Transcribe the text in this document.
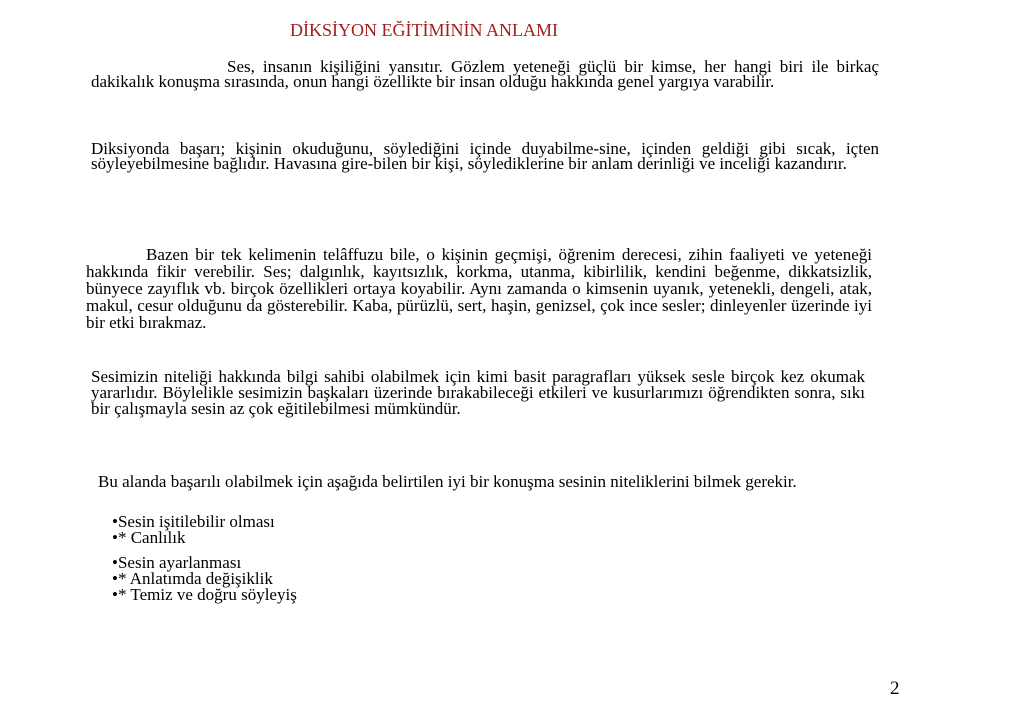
DİKSİYON EĞİTİMİNİN ANLAMI

Ses, insanın kişiliğini yansıtır. Gözlem yeteneği güçlü bir kimse, her hangi biri ile birkaç dakikalık konuşma sırasında, onun hangi özellikte bir insan olduğu hakkında genel yargıya varabilir.

Diksiyonda başarı; kişinin okuduğunu, söylediğini içinde duyabilme-sine, içinden geldiği gibi sıcak, içten söyleyebilmesine bağlıdır. Havasına gire-bilen bir kişi, söylediklerine bir anlam derinliği ve inceliği kazandırır.

Bazen bir tek kelimenin telâffuzu bile, o kişinin geçmişi, öğrenim derecesi, zihin faaliyeti ve yeteneği hakkında fikir verebilir. Ses; dalgınlık, kayıtsızlık, korkma, utanma, kibirlilik, kendini beğenme, dikkatsizlik, bünyece zayıflık vb. birçok özellikleri ortaya koyabilir. Aynı zamanda o kimsenin uyanık, yetenekli, dengeli, atak, makul, cesur olduğunu da gösterebilir. Kaba, pürüzlü, sert, haşin, genizsel, çok ince sesler; dinleyenler üzerinde iyi bir etki bırakmaz.

Sesimizin niteliği hakkında bilgi sahibi olabilmek için kimi basit paragrafları yüksek sesle birçok kez okumak yararlıdır. Böylelikle sesimizin başkaları üzerinde bırakabileceği etkileri ve kusurlarımızı öğrendikten sonra, sıkı bir çalışmayla sesin az çok eğitilebilmesi mümkündür.

Bu alanda başarılı olabilmek için aşağıda belirtilen iyi bir konuşma sesinin niteliklerini bilmek gerekir.

•Sesin işitilebilir olması
•* Canlılık
•Sesin ayarlanması
•* Anlatımda değişiklik
•* Temiz ve doğru söyleyiş
2
